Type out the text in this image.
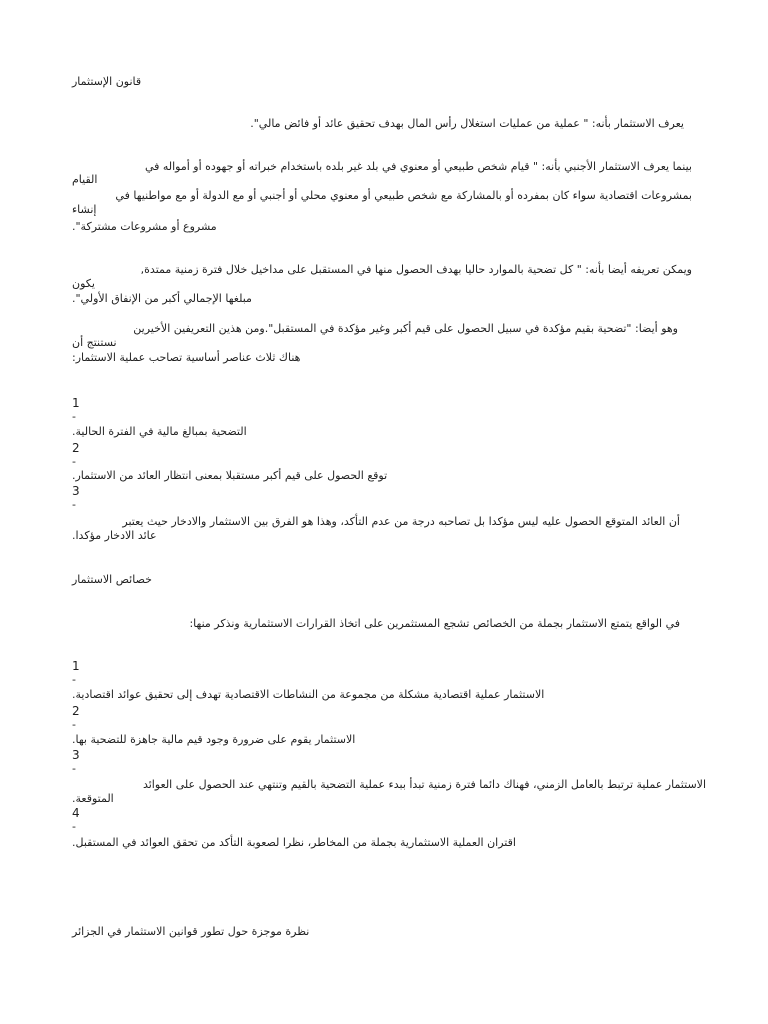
قانون الإستثمار
يعرف الاستثمار بأنه: " عملية من عمليات استغلال رأس المال بهدف تحقيق عائد أو فائض مالي".
بينما يعرف الاستثمار الأجنبي بأنه: " قيام شخص طبيعي أو معنوي في بلد غير بلده باستخدام خبراته أو جهوده أو أمواله في
القيام
بمشروعات اقتصادية سواء كان بمفرده أو بالمشاركة مع شخص طبيعي أو معنوي محلي أو أجنبي أو مع الدولة أو مع مواطنيها في
إنشاء
مشروع أو مشروعات مشتركة".
ويمكن تعريفه أيضا بأنه: " كل تضحية بالموارد حاليا بهدف الحصول منها في المستقبل على مداخيل خلال فترة زمنية ممتدة,
يكون
مبلغها الإجمالي أكبر من الإنفاق الأولي".
وهو أيضا: "تضحية بقيم مؤكدة في سبيل الحصول على قيم أكبر وغير مؤكدة في المستقبل".ومن هذين التعريفين الأخيرين
نستنتج أن
هناك ثلاث عناصر أساسية تصاحب عملية الاستثمار:
1
-
التضحية بمبالغ مالية في الفترة الحالية.
2
-
توقع الحصول على قيم أكبر مستقبلا بمعنى انتظار العائد من الاستثمار.
3
-
أن العائد المتوقع الحصول عليه ليس مؤكدا بل تصاحبه درجة من عدم التأكد، وهذا هو الفرق بين الاستثمار والادخار حيث يعتبر
عائد الادخار مؤكدا.
خصائص الاستثمار
في الواقع يتمتع الاستثمار بجملة من الخصائص تشجع المستثمرين على اتخاذ القرارات الاستثمارية ونذكر منها:
1
-
الاستثمار عملية اقتصادية مشكلة من مجموعة من النشاطات الاقتصادية تهدف إلى تحقيق عوائد اقتصادية.
2
-
الاستثمار يقوم على ضرورة وجود قيم مالية جاهزة للتضحية بها.
3
-
الاستثمار عملية ترتبط بالعامل الزمني، فهناك دائما فترة زمنية تبدأ ببدء عملية التضحية بالقيم وتنتهي عند الحصول على العوائد
المتوقعة.
4
-
اقتران العملية الاستثمارية بجملة من المخاطر، نظرا لصعوبة التأكد من تحقق العوائد في المستقبل.
نظرة موجزة حول تطور قوانين الاستثمار في الجزائر
